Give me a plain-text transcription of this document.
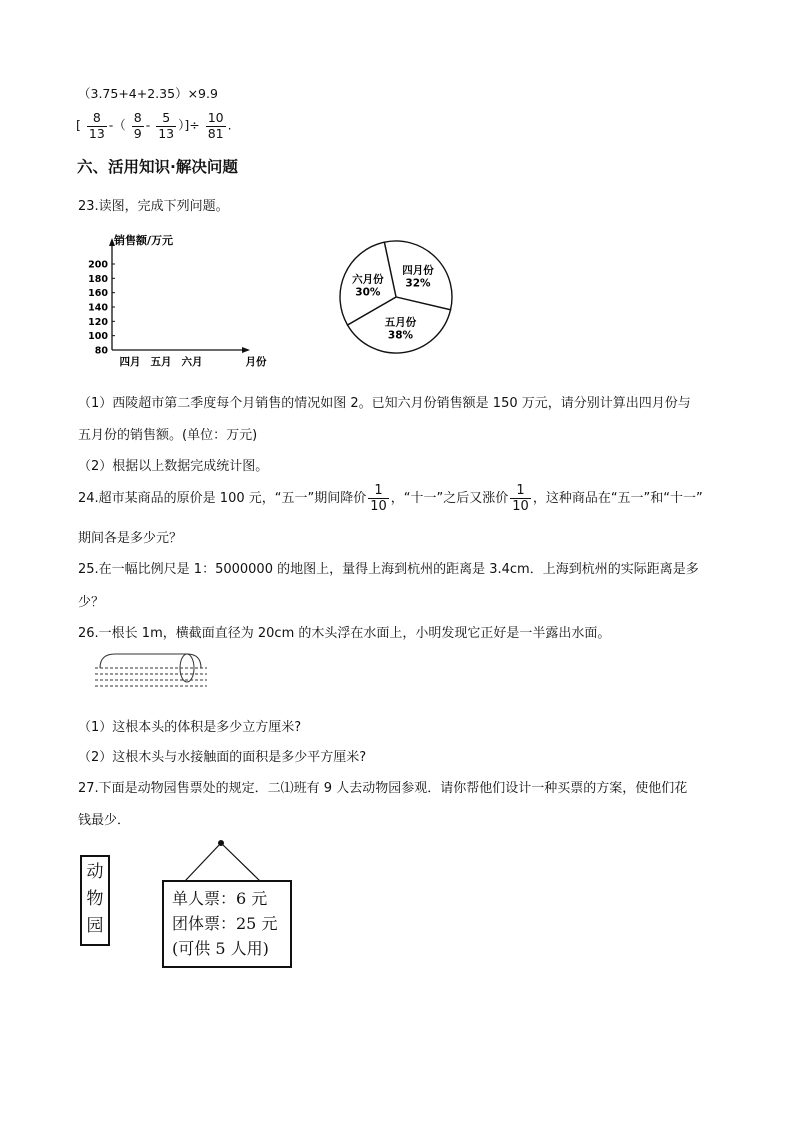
（3.75+4+2.35）×9.9
[ $\frac{8}{13}$ -（ $\frac{8}{9} - \frac{5}{13}$ ）]÷ $\frac{10}{81}$ .
六、活用知识·解决问题
23.读图，完成下列问题。
销售额/万元
200
180
160
140
120
100
80
四月 五月 六月	月份
四月份
32%
五月份
38%
六月份
30%
（1）西陵超市第二季度每个月销售的情况如图 2。已知六月份销售额是 150 万元，请分别计算出四月份与
五月份的销售额。(单位：万元)
（2）根据以上数据完成统计图。
24.超市某商品的原价是 100 元，“五一”期间降价 $\frac{1}{10}$ ，“十一”之后又涨价 $\frac{1}{10}$ ，这种商品在“五一”和“十一”
期间各是多少元？
25.在一幅比例尺是 1：5000000 的地图上，量得上海到杭州的距离是 3.4cm．上海到杭州的实际距离是多
少？
26.一根长 1m，横截面直径为 20cm 的木头浮在水面上，小明发现它正好是一半露出水面。
（1）这根本头的体积是多少立方厘米?
（2）这根木头与水接触面的面积是多少平方厘米?
27.下面是动物园售票处的规定．二⑴班有 9 人去动物园参观．请你帮他们设计一种买票的方案，使他们花
钱最少．
动
物
园
单人票：6 元
团体票：25 元
(可供 5 人用)
